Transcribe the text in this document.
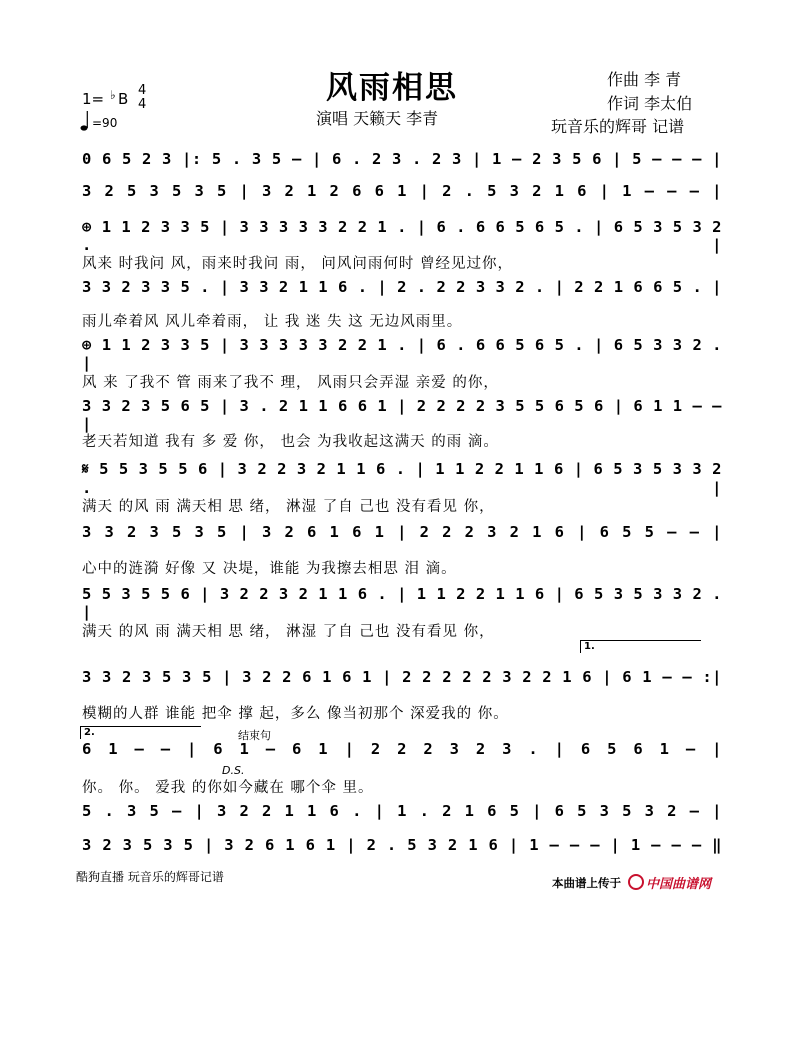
风雨相思
演唱 天籁天 李青
作曲 李 青
作词 李太伯
玩音乐的辉哥 记谱
1= ♭ B 4
4
=90
0 6 5 2 3 |: 5 . 3 5 – | 6 . 2 3 . 2 3 | 1 – 2 3 5 6 | 5 – – – |
3 2 5 3 5 3 5 | 3 2 1 2 6 6 1 | 2 . 5 3 2 1 6 | 1 – – – |
⊕ 1 1 2 3 3 5 | 3 3 3 3 3 2 2 1 . | 6 . 6 6 5 6 5 . | 6 5 3 5 3 2 . |
风来 时我问 风，雨来时我问 雨， 问风问雨何时 曾经见过你，
3 3 2 3 3 5 . | 3 3 2 1 1 6 . | 2 . 2 2 3 3 2 . | 2 2 1 6 6 5 . |
雨儿牵着风 风儿牵着雨， 让 我 迷 失 这 无边风雨里。
⊕ 1 1 2 3 3 5 | 3 3 3 3 3 2 2 1 . | 6 . 6 6 5 6 5 . | 6 5 3 3 2 . |
风 来 了我不 管 雨来了我不 理， 风雨只会弄湿 亲爱 的你，
3 3 2 3 5 6 5 | 3 . 2 1 1 6 6 1 | 2 2 2 2 3 5 5 6 5 6 | 6 1 1 – – |
老天若知道 我有 多 爱 你， 也会 为我收起这满天 的雨 滴。
𝄋 5 5 3 5 5 6 | 3 2 2 3 2 1 1 6 . | 1 1 2 2 1 1 6 | 6 5 3 5 3 3 2 . |
满天 的风 雨 满天相 思 绪， 淋湿 了自 己也 没有看见 你，
3 3 2 3 5 3 5 | 3 2 6 1 6 1 | 2 2 2 3 2 1 6 | 6 5 5 – – |
心中的涟漪 好像 又 决堤，谁能 为我擦去相思 泪 滴。
5 5 3 5 5 6 | 3 2 2 3 2 1 1 6 . | 1 1 2 2 1 1 6 | 6 5 3 5 3 3 2 . |
满天 的风 雨 满天相 思 绪， 淋湿 了自 己也 没有看见 你，
1.
3 3 2 3 5 3 5 | 3 2 2 6 1 6 1 | 2 2 2 2 2 3 2 2 1 6 | 6 1 – – :|
模糊的人群 谁能 把伞 撑 起，多么 像当初那个 深爱我的 你。
2.	结束句
6 1 – – | 6 1 – 6 1 | 2 2 2 3 2 3 . | 6 5 6 1 – |
D.S.
你。 你。 爱我 的你如今藏在 哪个伞 里。
5 . 3 5 – | 3 2 2 1 1 6 . | 1 . 2 1 6 5 | 6 5 3 5 3 2 – |
3 2 3 5 3 5 | 3 2 6 1 6 1 | 2 . 5 3 2 1 6 | 1 – – – | 1 – – – ‖
酷狗直播 玩音乐的辉哥记谱	本曲谱上传于	中国曲谱网
